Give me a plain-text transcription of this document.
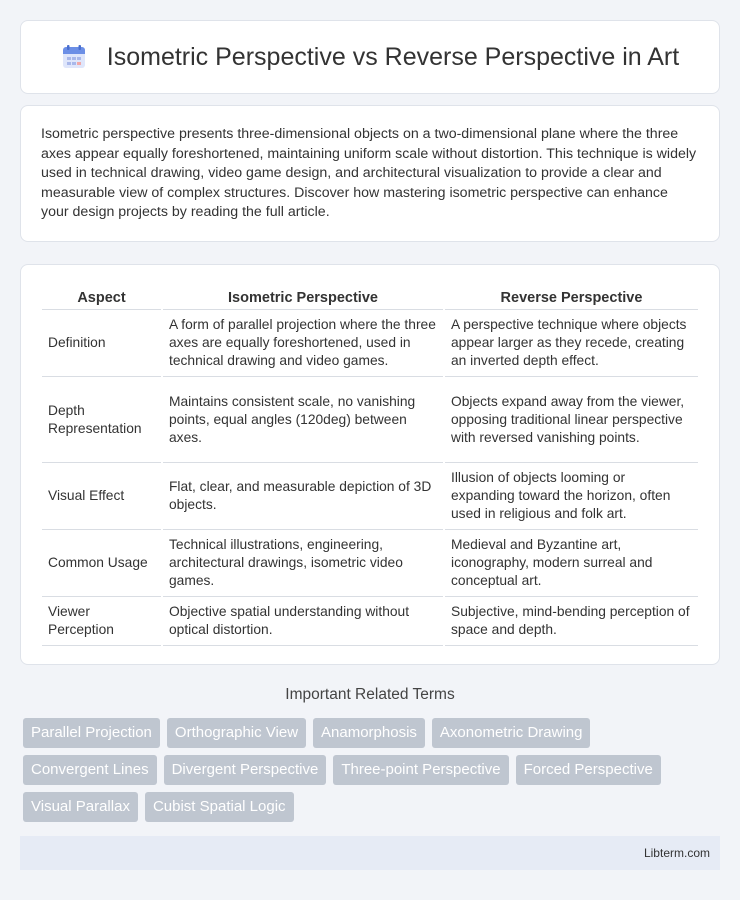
Isometric Perspective vs Reverse Perspective in Art

Isometric perspective presents three-dimensional objects on a two-dimensional plane where the three axes appear equally foreshortened, maintaining uniform scale without distortion. This technique is widely used in technical drawing, video game design, and architectural visualization to provide a clear and measurable view of complex structures. Discover how mastering isometric perspective can enhance your design projects by reading the full article.

Aspect	Isometric Perspective	Reverse Perspective
Definition	A form of parallel projection where the three axes are equally foreshortened, used in technical drawing and video games.	A perspective technique where objects appear larger as they recede, creating an inverted depth effect.
Depth Representation	Maintains consistent scale, no vanishing points, equal angles (120deg) between axes.	Objects expand away from the viewer, opposing traditional linear perspective with reversed vanishing points.
Visual Effect	Flat, clear, and measurable depiction of 3D objects.	Illusion of objects looming or expanding toward the horizon, often used in religious and folk art.
Common Usage	Technical illustrations, engineering, architectural drawings, isometric video games.	Medieval and Byzantine art, iconography, modern surreal and conceptual art.
Viewer Perception	Objective spatial understanding without optical distortion.	Subjective, mind-bending perception of space and depth.
Important Related Terms
Parallel Projection	Orthographic View	Anamorphosis	Axonometric Drawing
Convergent Lines	Divergent Perspective	Three-point Perspective	Forced Perspective
Visual Parallax	Cubist Spatial Logic
Libterm.com
